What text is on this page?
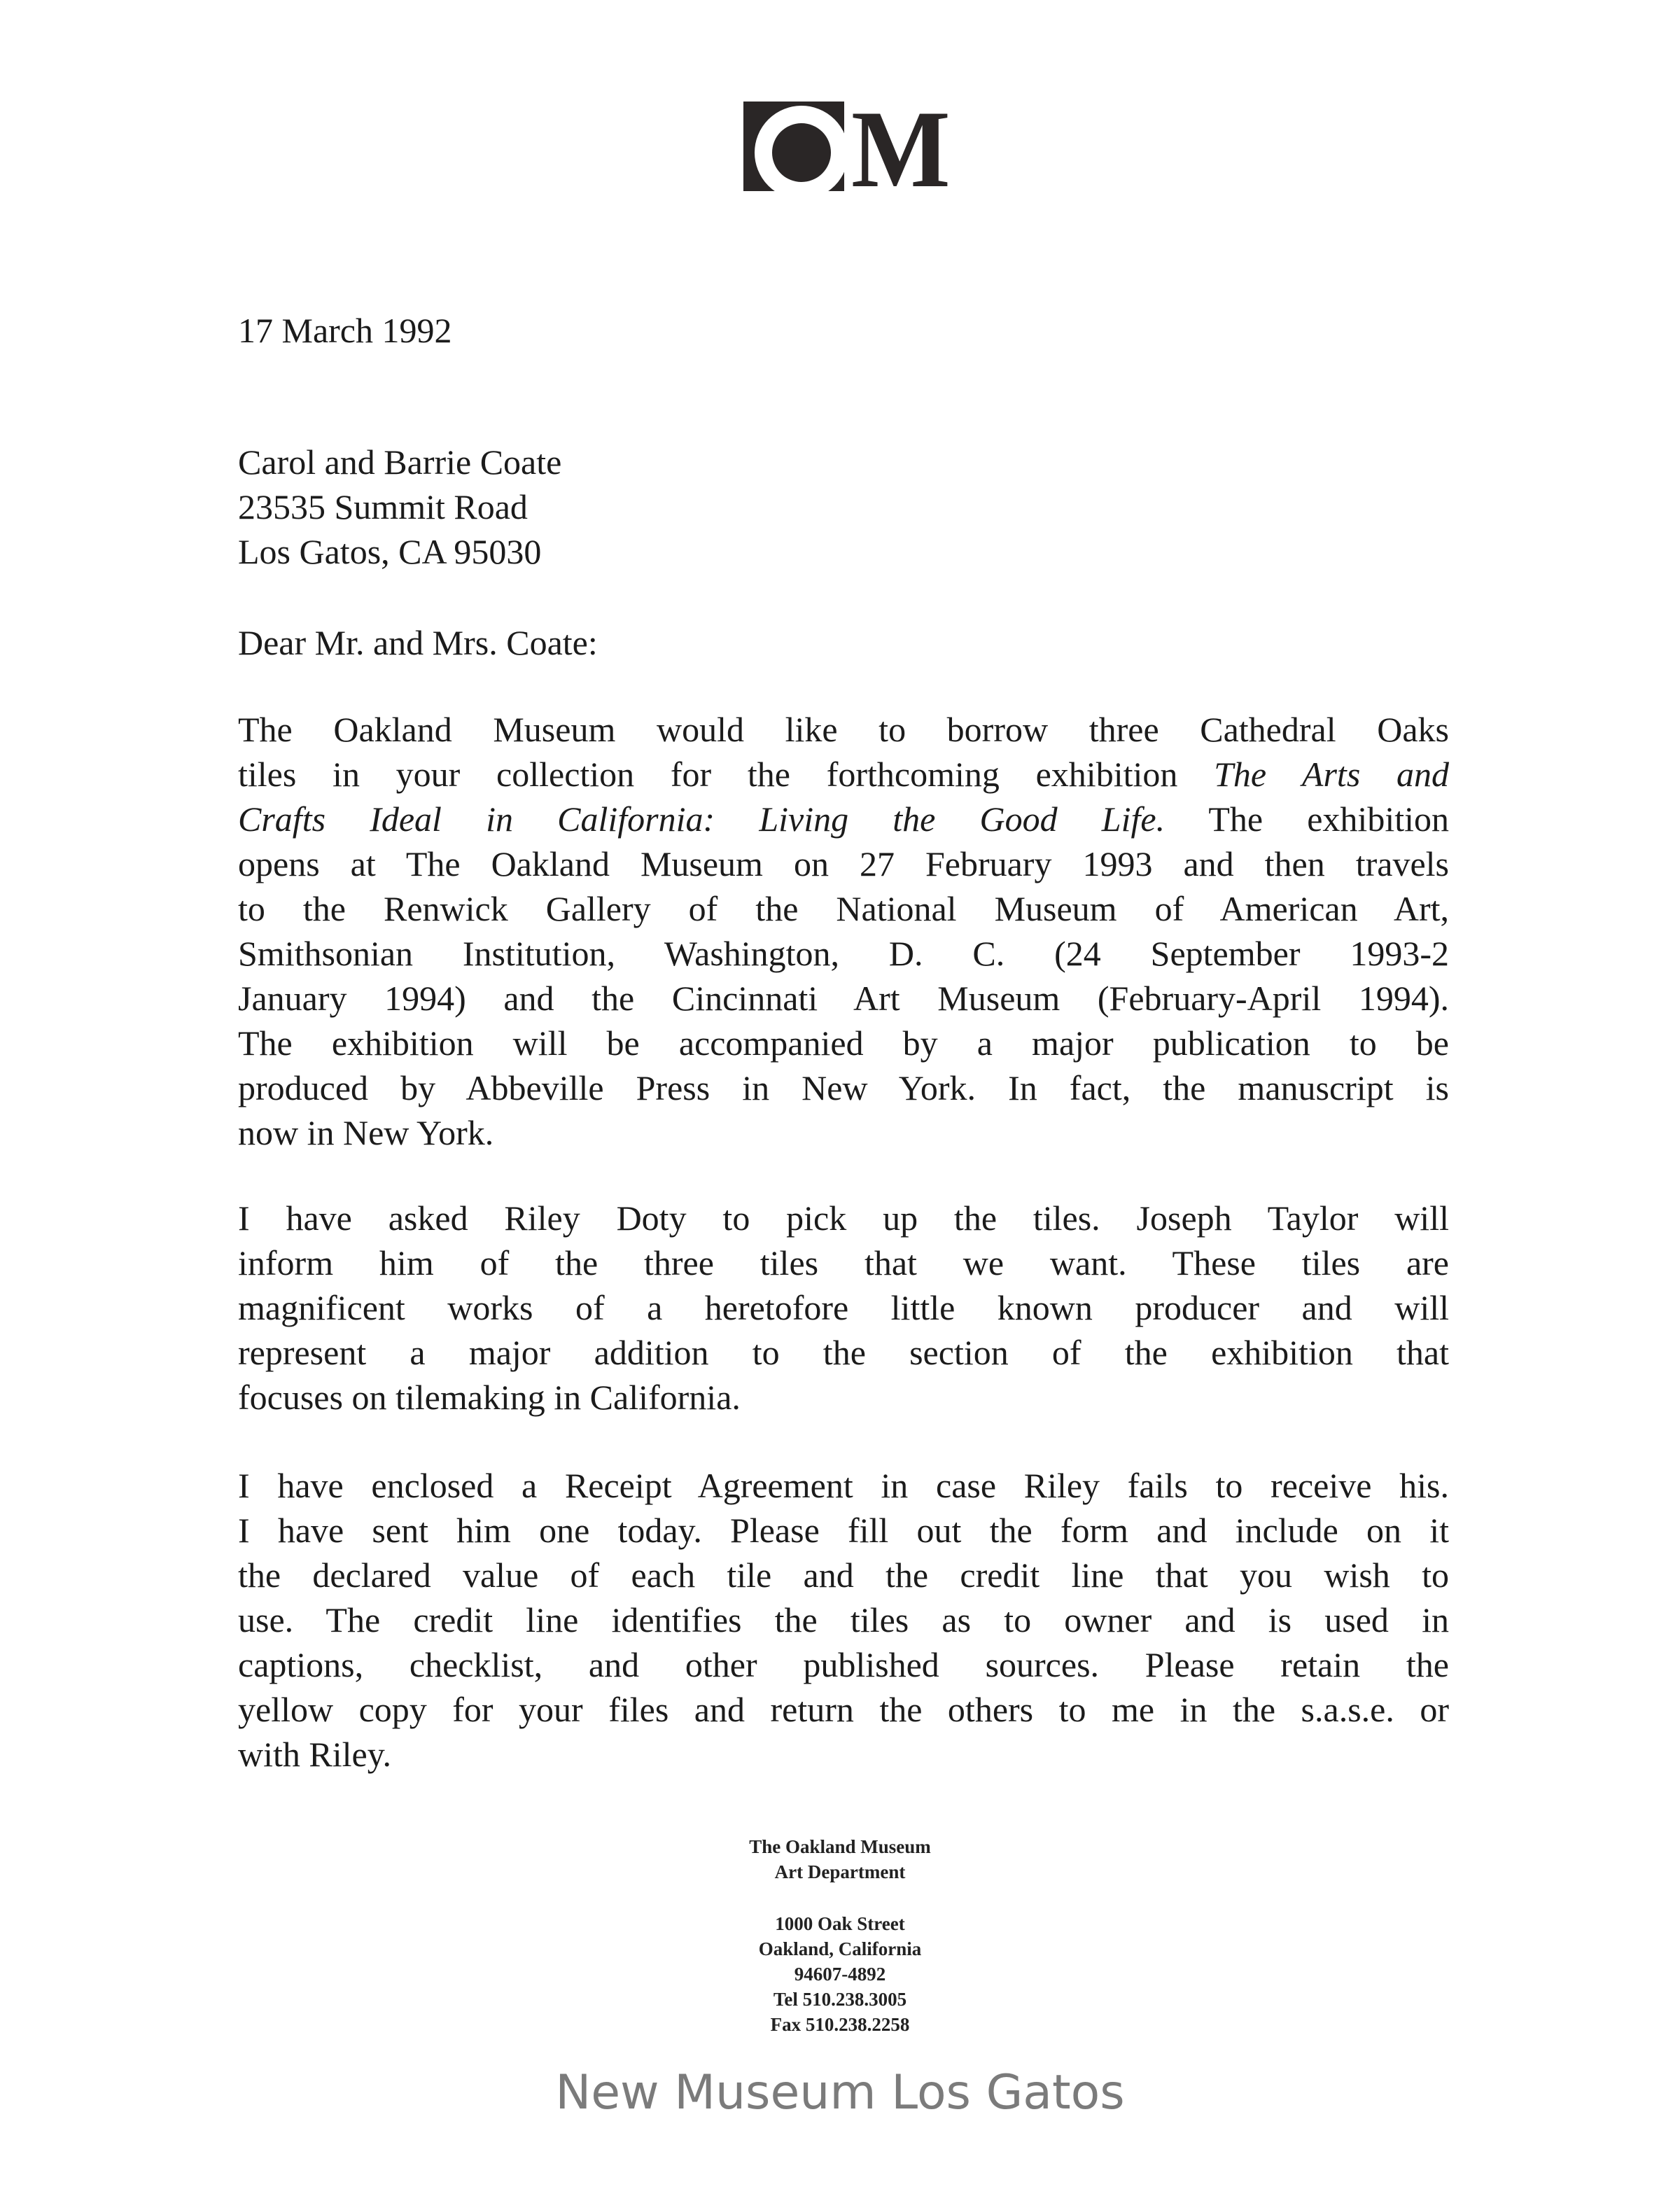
M
17 March 1992
Carol and Barrie Coate
23535 Summit Road
Los Gatos, CA 95030
Dear Mr. and Mrs. Coate:
The Oakland Museum would like to borrow three Cathedral Oaks
tiles in your collection for the forthcoming exhibition The Arts and
Crafts Ideal in California: Living the Good Life. The exhibition
opens at The Oakland Museum on 27 February 1993 and then travels
to the Renwick Gallery of the National Museum of American Art,
Smithsonian Institution, Washington, D. C. (24 September 1993-2
January 1994) and the Cincinnati Art Museum (February-April 1994).
The exhibition will be accompanied by a major publication to be
produced by Abbeville Press in New York. In fact, the manuscript is
now in New York.
I have asked Riley Doty to pick up the tiles. Joseph Taylor will
inform him of the three tiles that we want. These tiles are
magnificent works of a heretofore little known producer and will
represent a major addition to the section of the exhibition that
focuses on tilemaking in California.
I have enclosed a Receipt Agreement in case Riley fails to receive his.
I have sent him one today. Please fill out the form and include on it
the declared value of each tile and the credit line that you wish to
use. The credit line identifies the tiles as to owner and is used in
captions, checklist, and other published sources. Please retain the
yellow copy for your files and return the others to me in the s.a.s.e. or
with Riley.
The Oakland Museum
Art Department
1000 Oak Street
Oakland, California
94607-4892
Tel 510.238.3005
Fax 510.238.2258
New Museum Los Gatos
